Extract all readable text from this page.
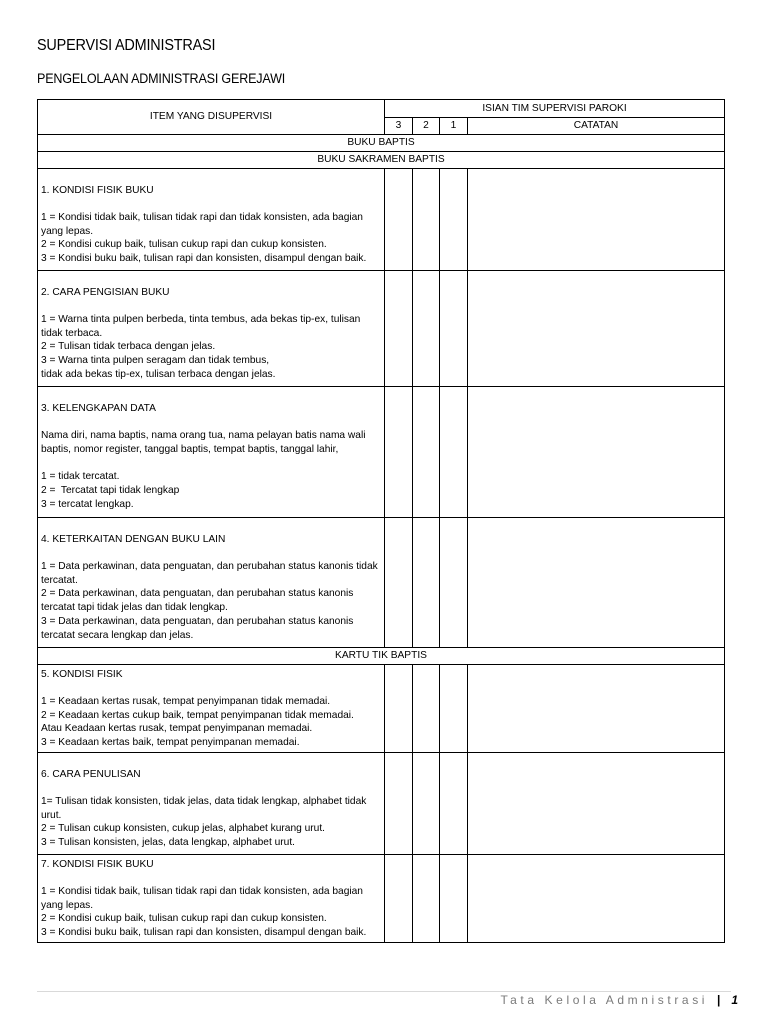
SUPERVISI ADMINISTRASI
PENGELOLAAN ADMINISTRASI GEREJAWI
ITEM YANG DISUPERVISI	ISIAN TIM SUPERVISI PAROKI			
	3	2	1	CATATAN
BUKU BAPTIS				
BUKU SAKRAMEN BAPTIS				

1. KONDISI FISIK BUKU
1 = Kondisi tidak baik, tulisan tidak rapi dan tidak konsisten, ada bagian yang lepas.
2 = Kondisi cukup baik, tulisan cukup rapi dan cukup konsisten.
3 = Kondisi buku baik, tulisan rapi dan konsisten, disampul dengan baik.				

2. CARA PENGISIAN BUKU
1 = Warna tinta pulpen berbeda, tinta tembus, ada bekas tip-ex, tulisan tidak terbaca.
2 = Tulisan tidak terbaca dengan jelas.
3 = Warna tinta pulpen seragam dan tidak tembus,
tidak ada bekas tip-ex, tulisan terbaca dengan jelas.				

3. KELENGKAPAN DATA
Nama diri, nama baptis, nama orang tua, nama pelayan batis nama wali baptis, nomor register, tanggal baptis, tempat baptis, tanggal lahir,
1 = tidak tercatat.
2 =  Tercatat tapi tidak lengkap
3 = tercatat lengkap.				

4. KETERKAITAN DENGAN BUKU LAIN
1 = Data perkawinan, data penguatan, dan perubahan status kanonis tidak tercatat.
2 = Data perkawinan, data penguatan, dan perubahan status kanonis tercatat tapi tidak jelas dan tidak lengkap.
3 = Data perkawinan, data penguatan, dan perubahan status kanonis tercatat secara lengkap dan jelas.				

KARTU TIK BAPTIS				

5. KONDISI FISIK
1 = Keadaan kertas rusak, tempat penyimpanan tidak memadai.
2 = Keadaan kertas cukup baik, tempat penyimpanan tidak memadai.
Atau Keadaan kertas rusak, tempat penyimpanan memadai.
3 = Keadaan kertas baik, tempat penyimpanan memadai.				

6. CARA PENULISAN
1= Tulisan tidak konsisten, tidak jelas, data tidak lengkap, alphabet tidak urut.
2 = Tulisan cukup konsisten, cukup jelas, alphabet kurang urut.
3 = Tulisan konsisten, jelas, data lengkap, alphabet urut.				

7. KONDISI FISIK BUKU
1 = Kondisi tidak baik, tulisan tidak rapi dan tidak konsisten, ada bagian yang lepas.
2 = Kondisi cukup baik, tulisan cukup rapi dan cukup konsisten.
3 = Kondisi buku baik, tulisan rapi dan konsisten, disampul dengan baik.				

Tata Kelola Admnistrasi | 1
